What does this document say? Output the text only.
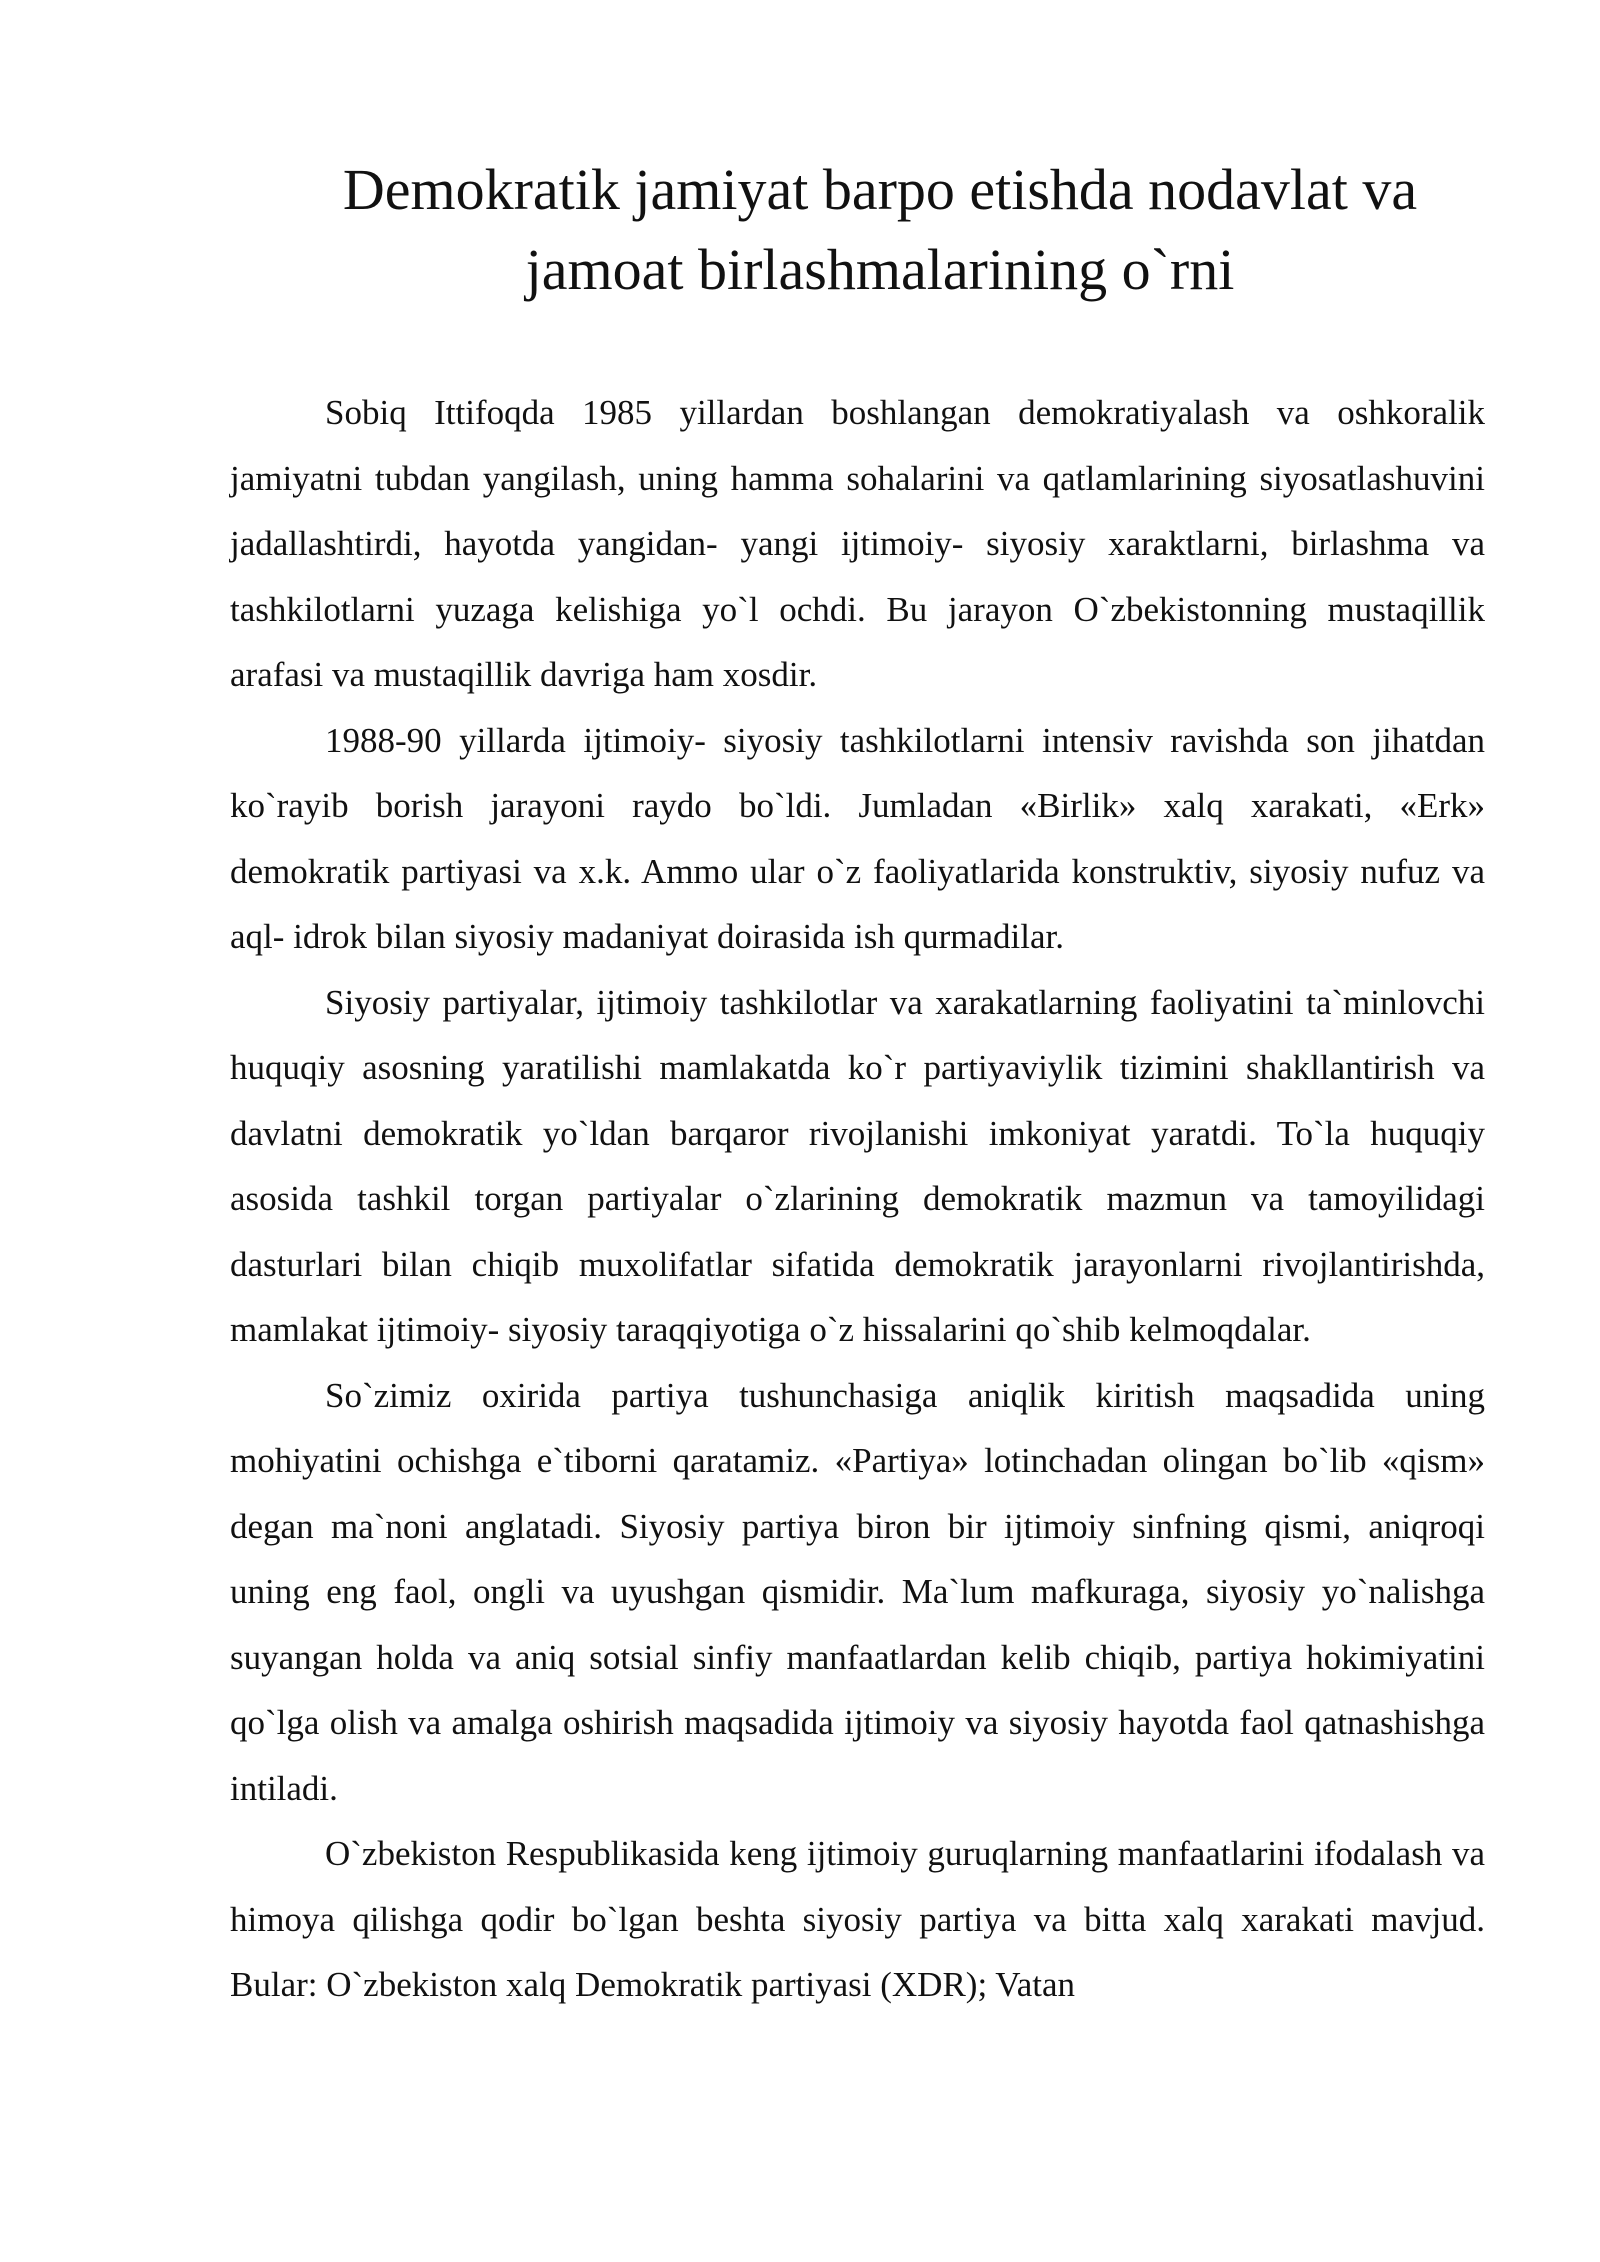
Demokratik jamiyat barpo etishda nodavlat va
jamoat birlashmalarining o`rni

Sobiq Ittifoqda 1985 yillardan boshlangan demokratiyalash va oshkoralik jamiyatni tubdan yangilash, uning hamma sohalarini va qatlamlarining siyosatlashuvini jadallashtirdi, hayotda yangidan- yangi ijtimoiy- siyosiy xaraktlarni, birlashma va tashkilotlarni yuzaga kelishiga yo`l ochdi. Bu jarayon O`zbekistonning mustaqillik arafasi va mustaqillik davriga ham xosdir.

1988-90 yillarda ijtimoiy- siyosiy tashkilotlarni intensiv ravishda son jihatdan ko`rayib borish jarayoni raydo bo`ldi. Jumladan «Birlik» xalq xarakati, «Erk» demokratik partiyasi va x.k. Ammo ular o`z faoliyatlarida konstruktiv, siyosiy nufuz va aql- idrok bilan siyosiy madaniyat doirasida ish qurmadilar.

Siyosiy partiyalar, ijtimoiy tashkilotlar va xarakatlarning faoliyatini ta`minlovchi huquqiy asosning yaratilishi mamlakatda ko`r partiyaviylik tizimini shakllantirish va davlatni demokratik yo`ldan barqaror rivojlanishi imkoniyat yaratdi. To`la huquqiy asosida tashkil torgan partiyalar o`zlarining demokratik mazmun va tamoyilidagi dasturlari bilan chiqib muxolifatlar sifatida demokratik jarayonlarni rivojlantirishda, mamlakat ijtimoiy- siyosiy taraqqiyotiga o`z hissalarini qo`shib kelmoqdalar.

So`zimiz oxirida partiya tushunchasiga aniqlik kiritish maqsadida uning mohiyatini ochishga e`tiborni qaratamiz. «Partiya» lotinchadan olingan bo`lib «qism» degan ma`noni anglatadi. Siyosiy partiya biron bir ijtimoiy sinfning qismi, aniqroqi uning eng faol, ongli va uyushgan qismidir. Ma`lum mafkuraga, siyosiy yo`nalishga suyangan holda va aniq sotsial sinfiy manfaatlardan kelib chiqib, partiya hokimiyatini qo`lga olish va amalga oshirish maqsadida ijtimoiy va siyosiy hayotda faol qatnashishga intiladi.

O`zbekiston Respublikasida keng ijtimoiy guruqlarning manfaatlarini ifodalash va himoya qilishga qodir bo`lgan beshta siyosiy partiya va bitta xalq xarakati mavjud. Bular: O`zbekiston xalq Demokratik partiyasi (XDR); Vatan
